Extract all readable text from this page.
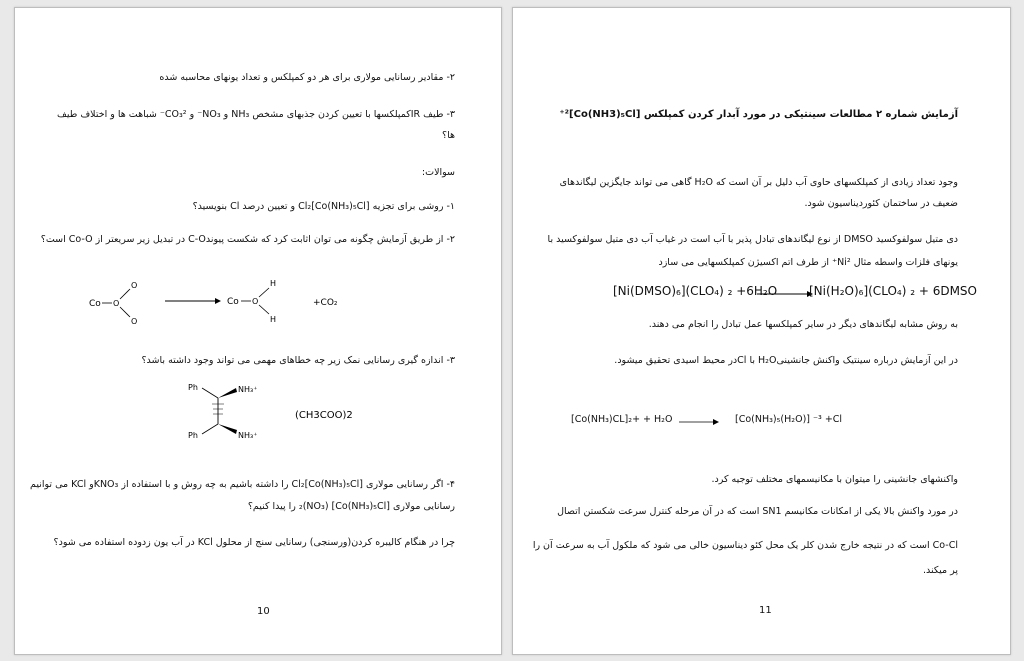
۲- مقادیر رسانایی مولاری برای هر دو کمپلکس و تعداد یونهای محاسبه شده
۳- طیف IRکمپلکسها با تعیین کردن جذبهای مشخص NH₃ و NO₃⁻ و CO₃²⁻ شباهت ها و اختلاف طیف
ها؟
سوالات:
۱- روشی برای تجزیه [Co(NH₃)₅Cl]Cl₂ و تعیین درصد Cl بنویسید؟
۲- از طریق آزمایش چگونه می توان اثابت کرد که شکست پیوندC-O در تبدیل زیر سریعتر از Co-O است؟
Co O
O
O
Co O
H
H
+CO₂
۳- اندازه گیری رسانایی نمک زیر چه خطاهای مهمی می تواند وجود داشته باشد؟
Ph
Ph
NH₃⁺
NH₃⁺
(CH3COO)2
۴- اگر رسانایی مولاری [Co(NH₃)₅Cl]Cl₂ را داشته باشیم به چه روش و با استفاده از KNO₃و KCl می توانیم
رسانایی مولاری [Co(NH₃)₅Cl] (NO₃)₂ را پیدا کنیم؟
چرا در هنگام کالیبره کردن(ورسنجی) رسانایی سنج از محلول KCl در آب یون زدوده استفاده می شود؟
10
آزمایش شماره ۲ مطالعات سینتیکی در مورد آبدار کردن کمپلکس [Co(NH3)₅Cl]²⁺
وجود تعداد زیادی از کمپلکسهای حاوی آب دلیل بر آن است که H₂O گاهی می تواند جایگزین لیگاندهای
ضعیف در ساختمان کئوردیناسیون شود.
دی متیل سولفوکسید DMSO از نوع لیگاندهای تبادل پذیر با آب است در غیاب آب دی متیل سولفوکسید با
یونهای فلزات واسطه مثال Ni²⁺ از طرف اتم اکسیژن کمپلکسهایی می سازد
[Ni(DMSO)₆](CLO₄) ₂ +6H₂O	[Ni(H₂O)₆](CLO₄) ₂ + 6DMSO
به روش مشابه لیگاندهای دیگر در سایر کمپلکسها عمل تبادل را انجام می دهند.
در این آزمایش درباره سینتیک واکنش جانشینیH₂O با Clدر محیط اسیدی تحقیق میشود.
[Co(NH₃)CL]₂+ + H₂O	[Co(NH₃)₅(H₂O)] ⁻³ +Cl
واکنشهای جانشینی را میتوان با مکانیسمهای مختلف توجیه کرد.
در مورد واکنش بالا یکی از امکانات مکانیسم SN1 است که در آن مرحله کنترل سرعت شکستن اتصال
Co-Cl است که در نتیجه خارج شدن کلر یک محل کئو دیناسیون خالی می شود که ملکول آب به سرعت آن را
پر میکند.
11
